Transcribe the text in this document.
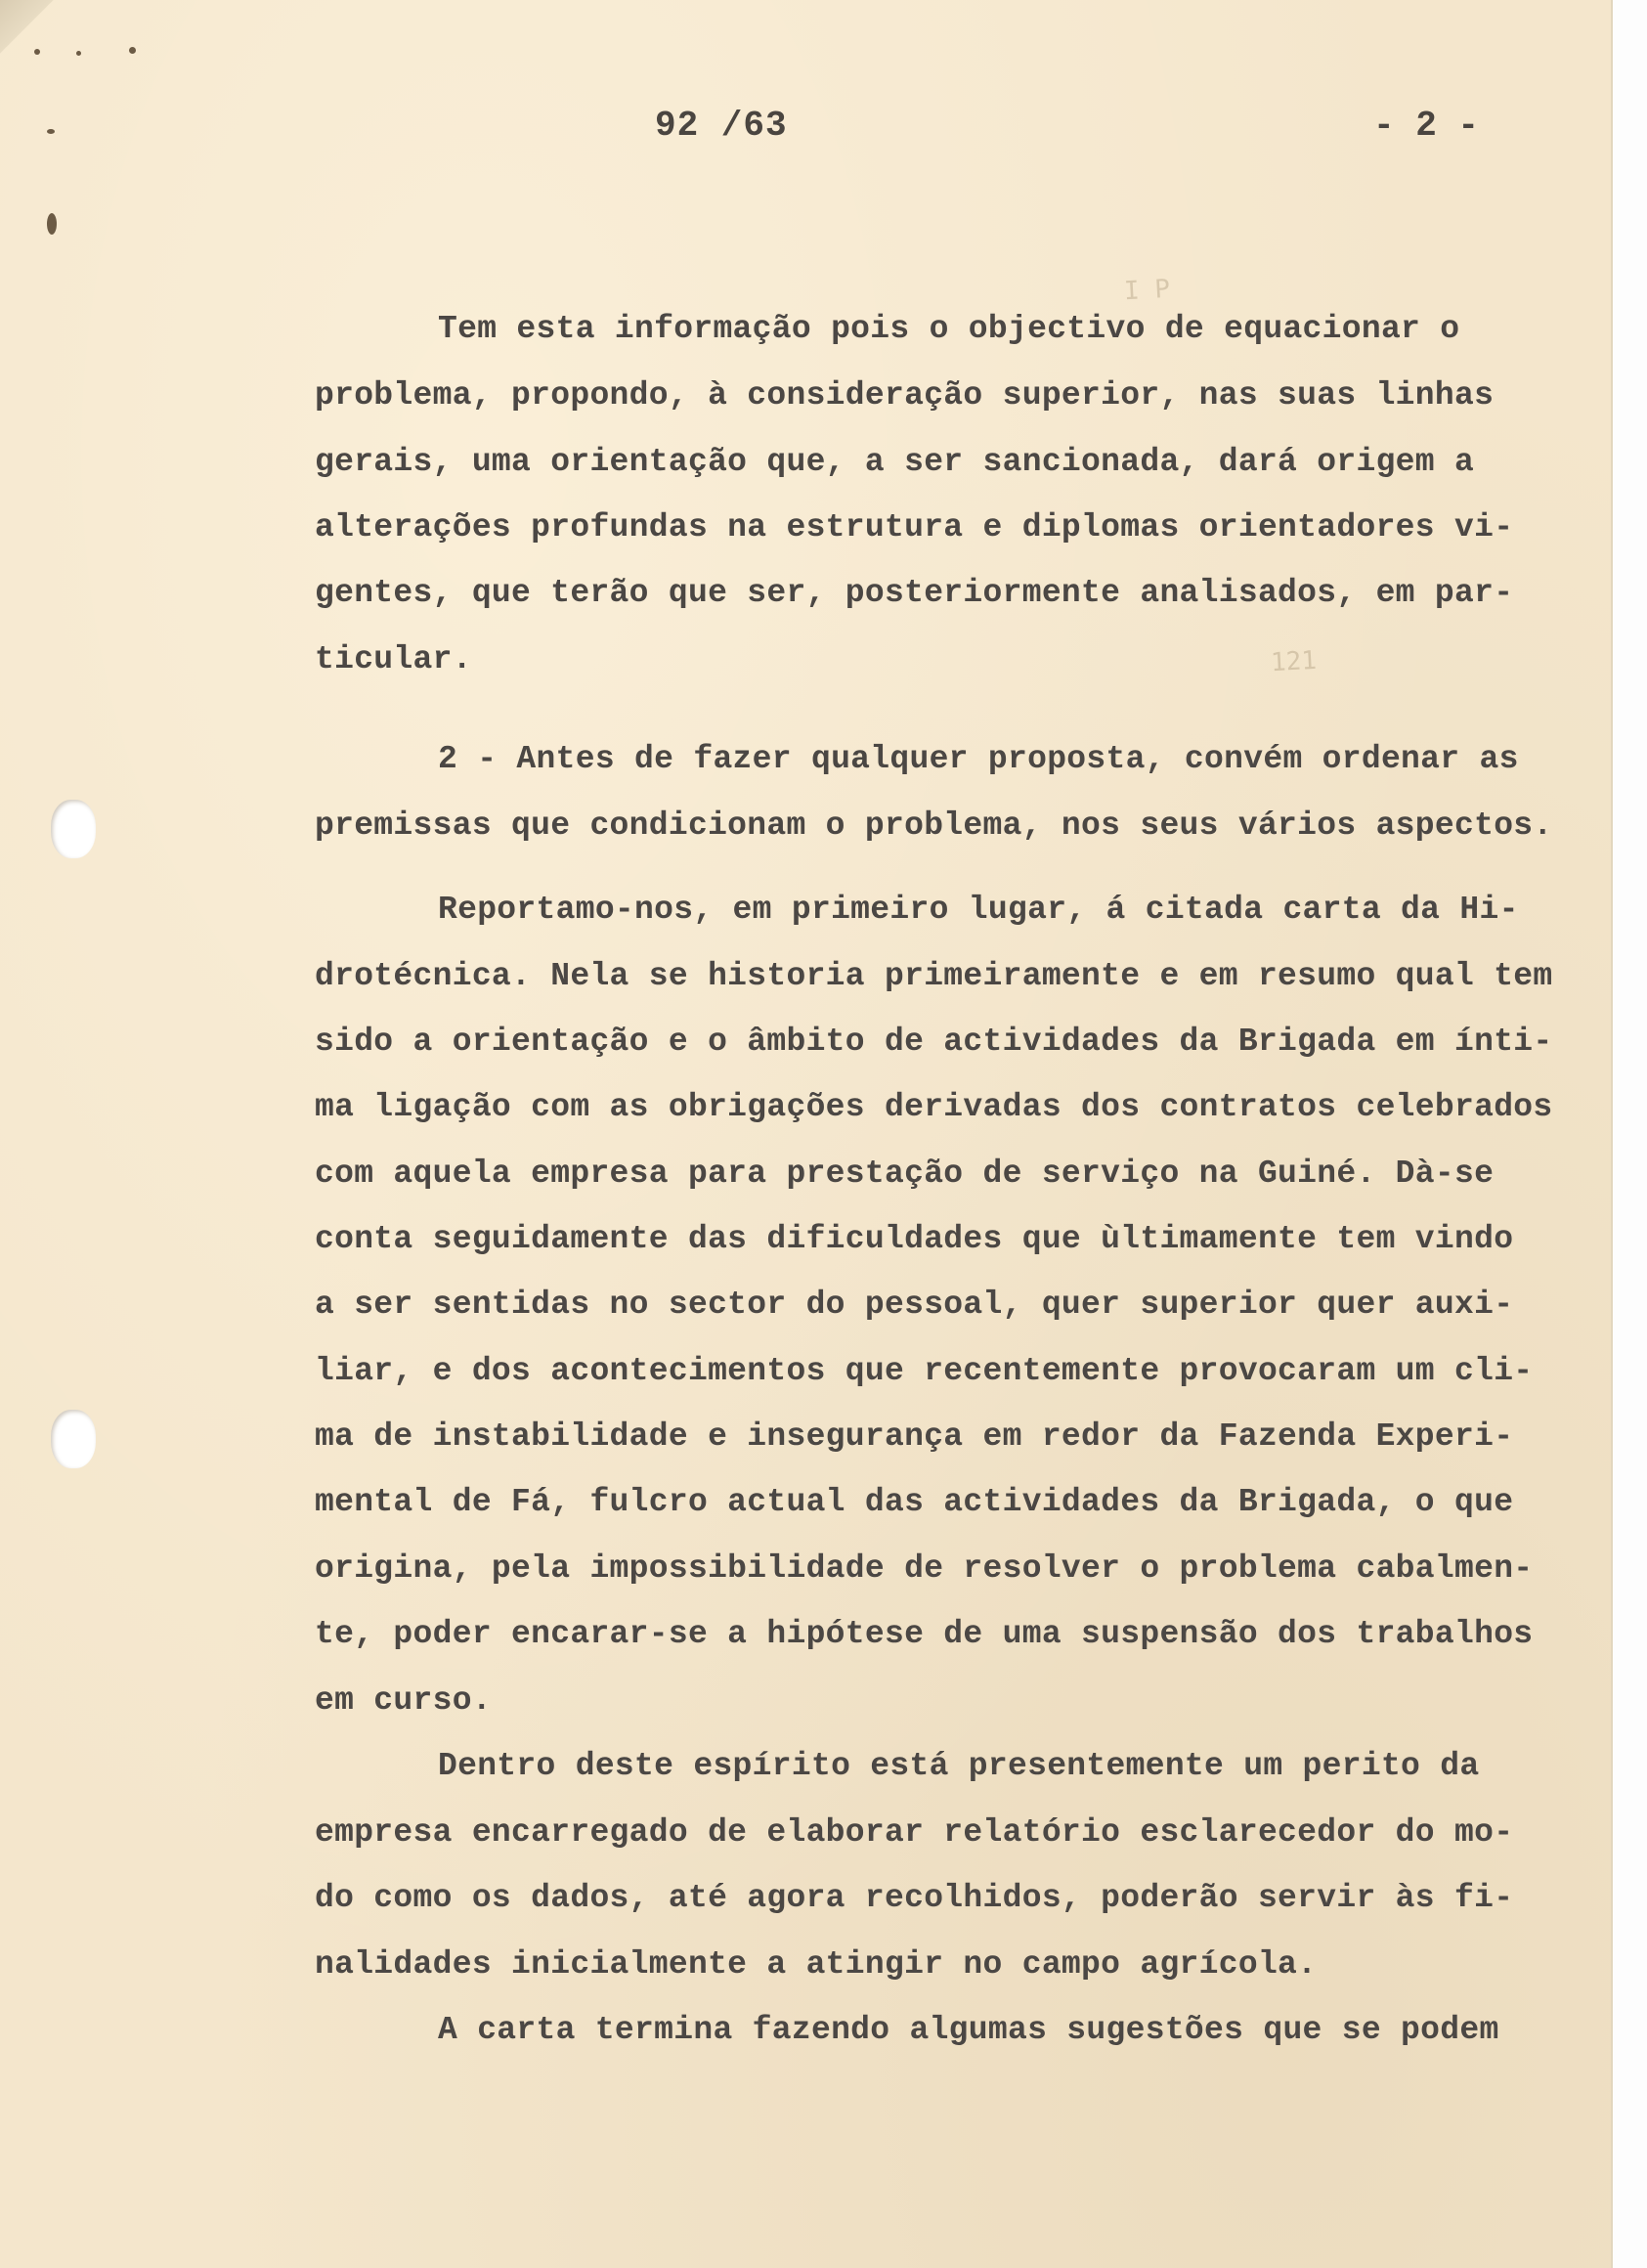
I P
121
92 /63	- 2 -
Tem esta informação pois o objectivo de equacionar o
problema, propondo, à consideração superior, nas suas linhas
gerais, uma orientação que, a ser sancionada, dará origem a
alterações profundas na estrutura e diplomas orientadores vi-
gentes, que terão que ser, posteriormente analisados, em par-
ticular.
2 - Antes de fazer qualquer proposta, convém ordenar as
premissas que condicionam o problema, nos seus vários aspectos.
Reportamo-nos, em primeiro lugar, á citada carta da Hi-
drotécnica. Nela se historia primeiramente e em resumo qual tem
sido a orientação e o âmbito de actividades da Brigada em ínti-
ma ligação com as obrigações derivadas dos contratos celebrados
com aquela empresa para prestação de serviço na Guiné. Dà-se
conta seguidamente das dificuldades que ùltimamente tem vindo
a ser sentidas no sector do pessoal, quer superior quer auxi-
liar, e dos acontecimentos que recentemente provocaram um cli-
ma de instabilidade e insegurança em redor da Fazenda Experi-
mental de Fá, fulcro actual das actividades da Brigada, o que
origina, pela impossibilidade de resolver o problema cabalmen-
te, poder encarar-se a hipótese de uma suspensão dos trabalhos
em curso.
Dentro deste espírito está presentemente um perito da
empresa encarregado de elaborar relatório esclarecedor do mo-
do como os dados, até agora recolhidos, poderão servir às fi-
nalidades inicialmente a atingir no campo agrícola.
A carta termina fazendo algumas sugestões que se podem
